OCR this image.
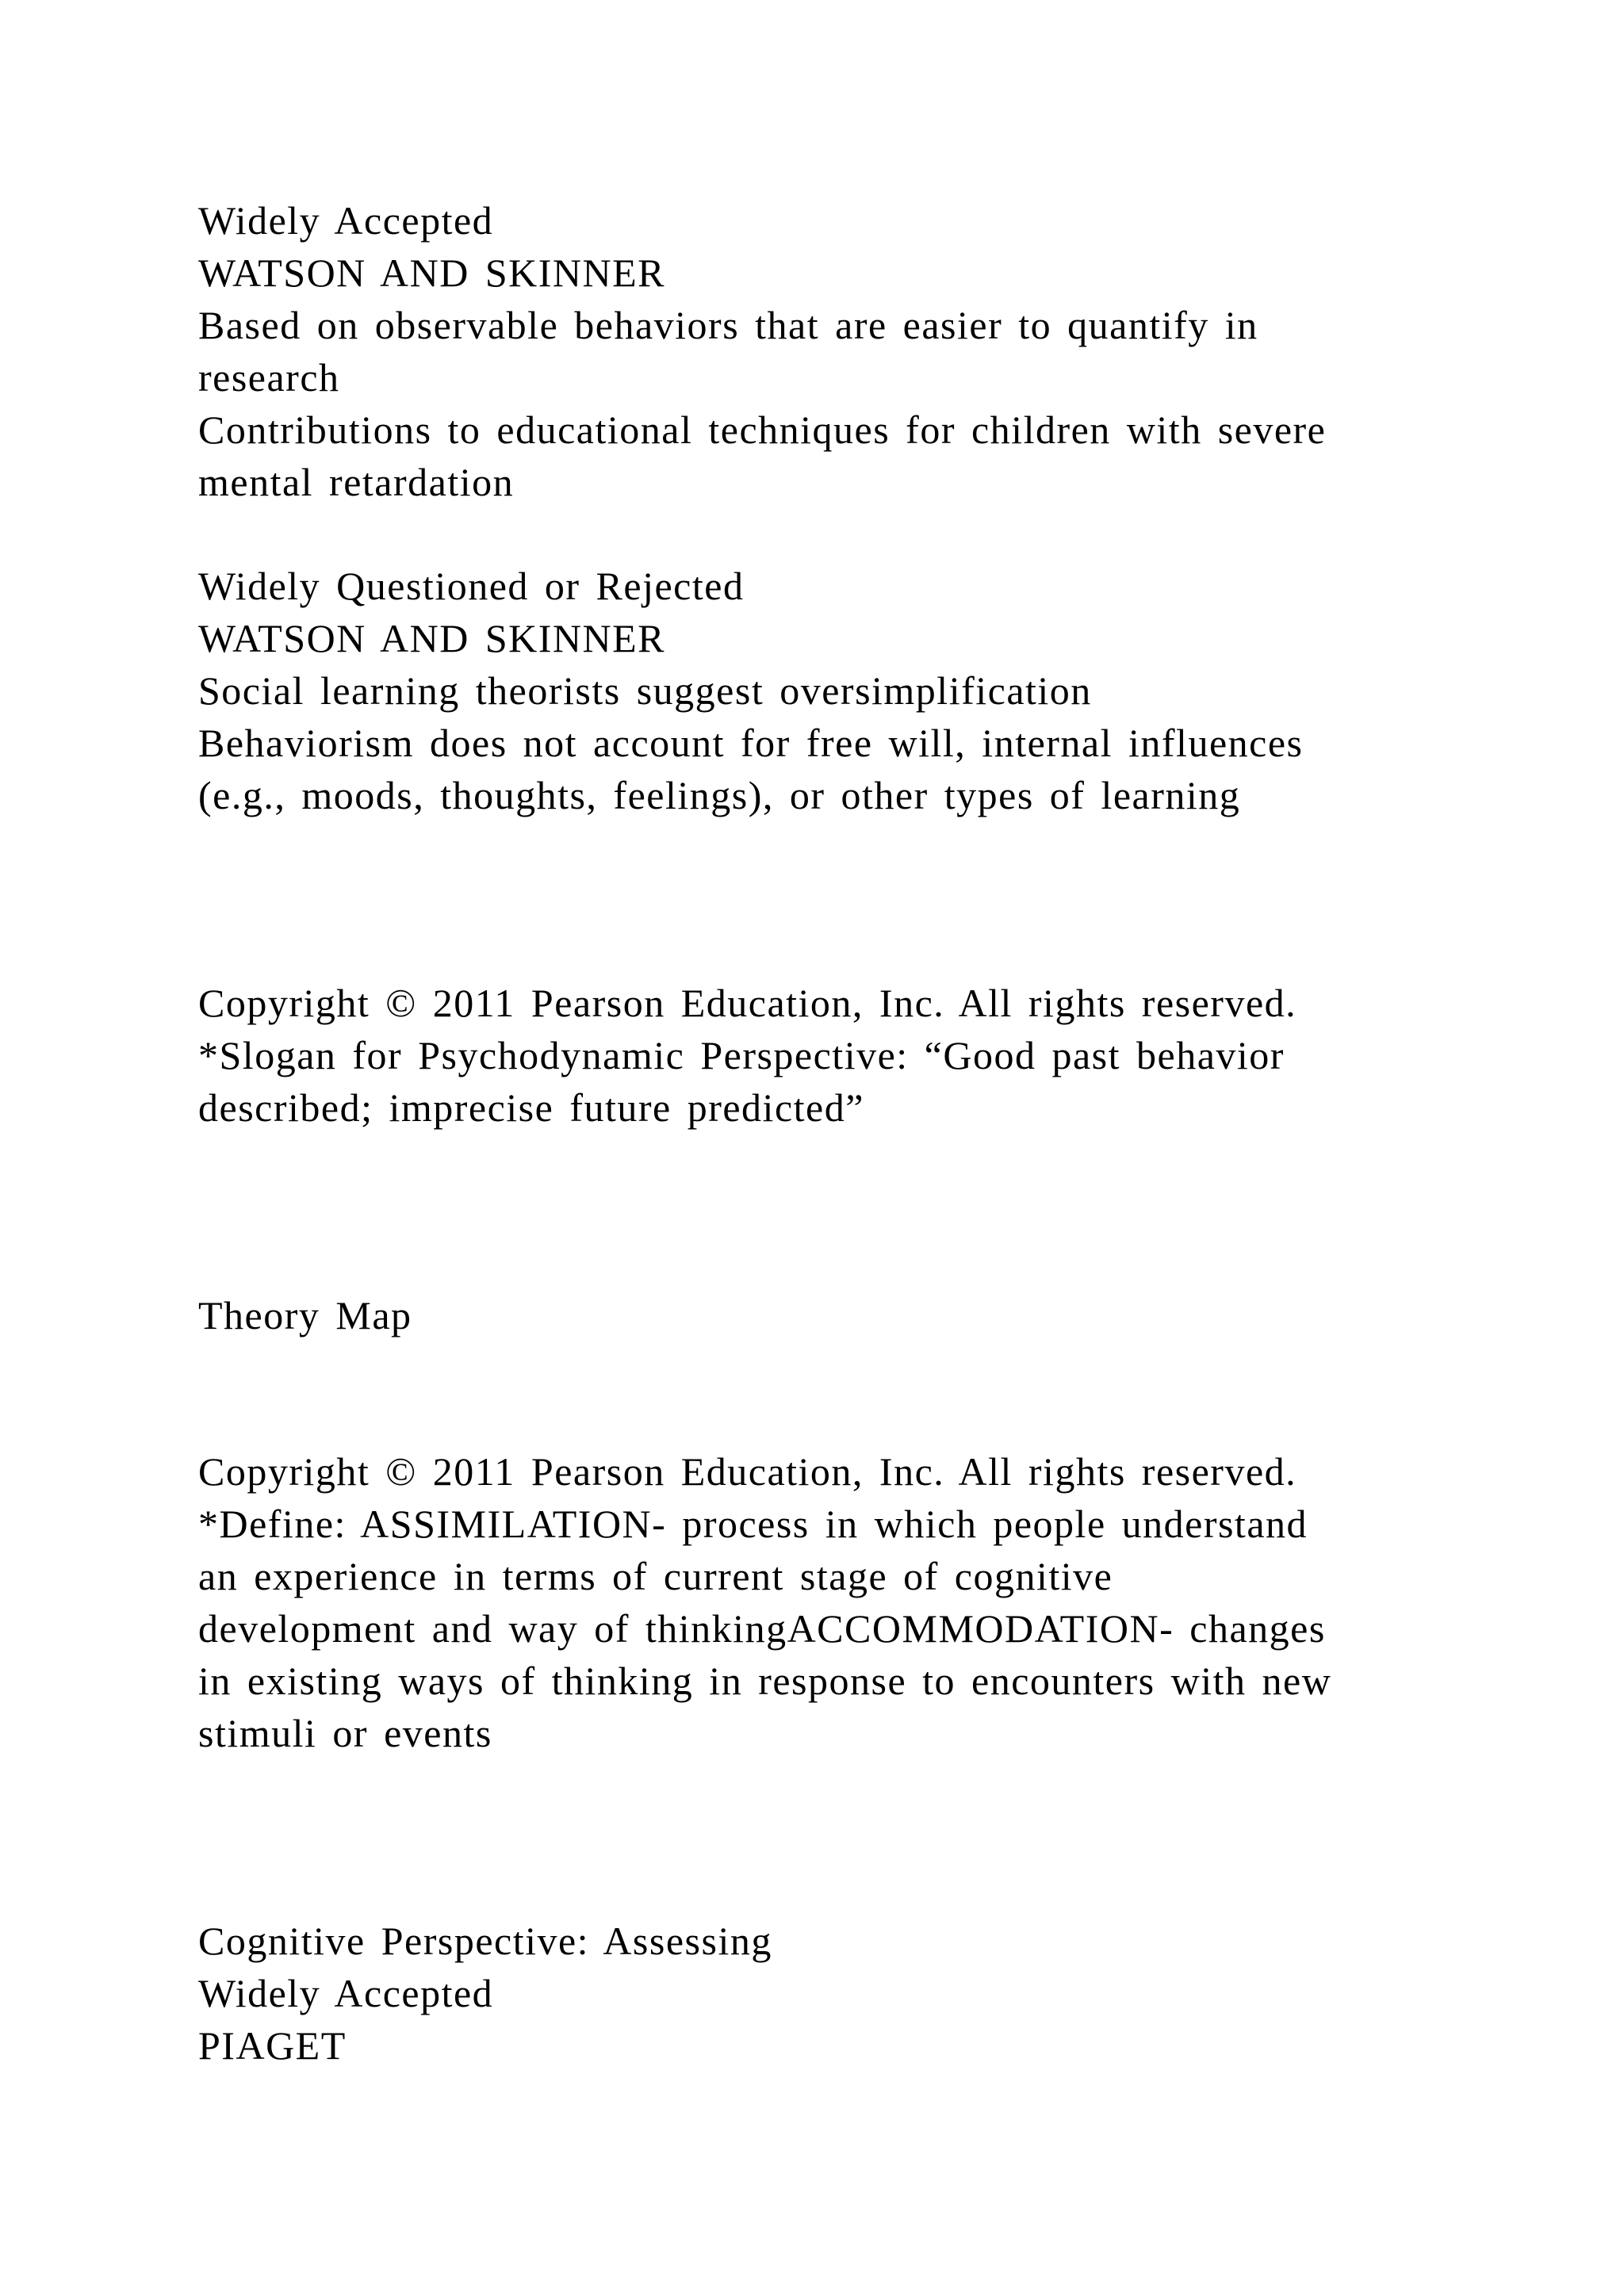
Widely Accepted

WATSON AND SKINNER

Based on observable behaviors that are easier to quantify in

research

Contributions to educational techniques for children with severe

mental retardation

Widely Questioned or Rejected

WATSON AND SKINNER

Social learning theorists suggest oversimplification

Behaviorism does not account for free will, internal influences

(e.g., moods, thoughts, feelings), or other types of learning

Copyright © 2011 Pearson Education, Inc. All rights reserved.

*Slogan for Psychodynamic Perspective: “Good past behavior

described; imprecise future predicted”

Theory Map

Copyright © 2011 Pearson Education, Inc. All rights reserved.

*Define: ASSIMILATION- process in which people understand

an experience in terms of current stage of cognitive

development and way of thinkingACCOMMODATION- changes

in existing ways of thinking in response to encounters with new

stimuli or events

Cognitive Perspective: Assessing

Widely Accepted

PIAGET
